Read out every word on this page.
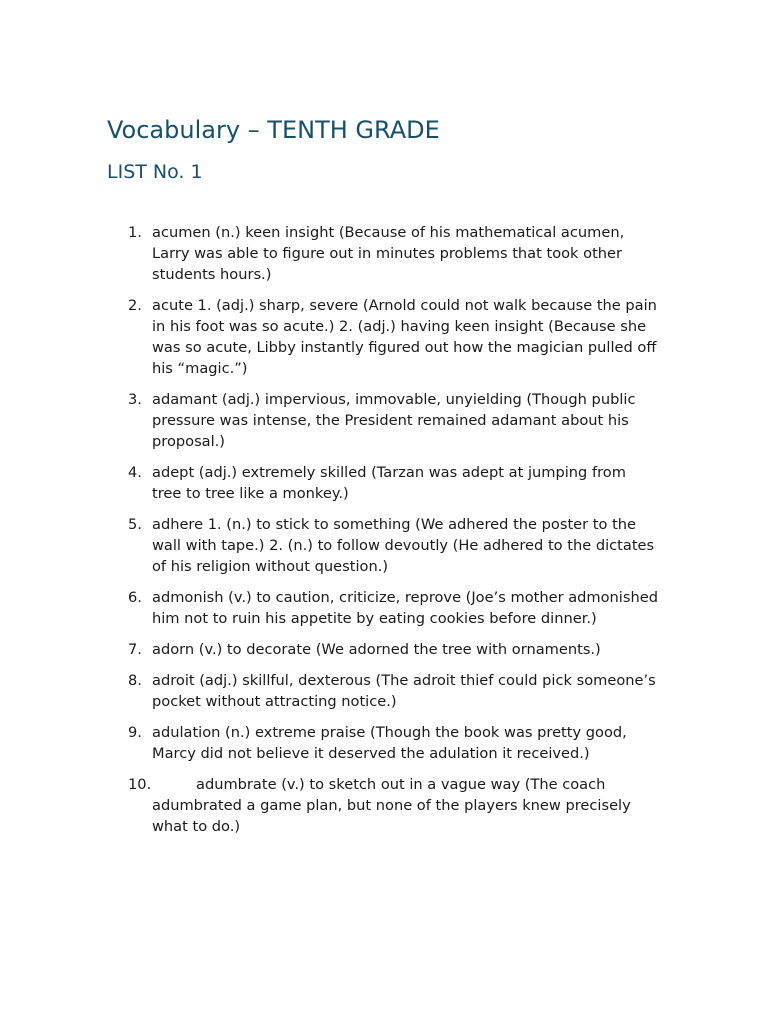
Vocabulary – TENTH GRADE
LIST No. 1
1. acumen (n.) keen insight (Because of his mathematical acumen, Larry was able to figure out in minutes problems that took other students hours.)
2. acute 1. (adj.) sharp, severe (Arnold could not walk because the pain in his foot was so acute.) 2. (adj.) having keen insight (Because she was so acute, Libby instantly figured out how the magician pulled off his “magic.”)
3. adamant (adj.) impervious, immovable, unyielding (Though public pressure was intense, the President remained adamant about his proposal.)
4. adept (adj.) extremely skilled (Tarzan was adept at jumping from tree to tree like a monkey.)
5. adhere 1. (n.) to stick to something (We adhered the poster to the wall with tape.) 2. (n.) to follow devoutly (He adhered to the dictates of his religion without question.)
6. admonish (v.) to caution, criticize, reprove (Joe’s mother admonished him not to ruin his appetite by eating cookies before dinner.)
7. adorn (v.) to decorate (We adorned the tree with ornaments.)
8. adroit (adj.) skillful, dexterous (The adroit thief could pick someone’s pocket without attracting notice.)
9. adulation (n.) extreme praise (Though the book was pretty good, Marcy did not believe it deserved the adulation it received.)
10.	adumbrate (v.) to sketch out in a vague way (The coach adumbrated a game plan, but none of the players knew precisely what to do.)
